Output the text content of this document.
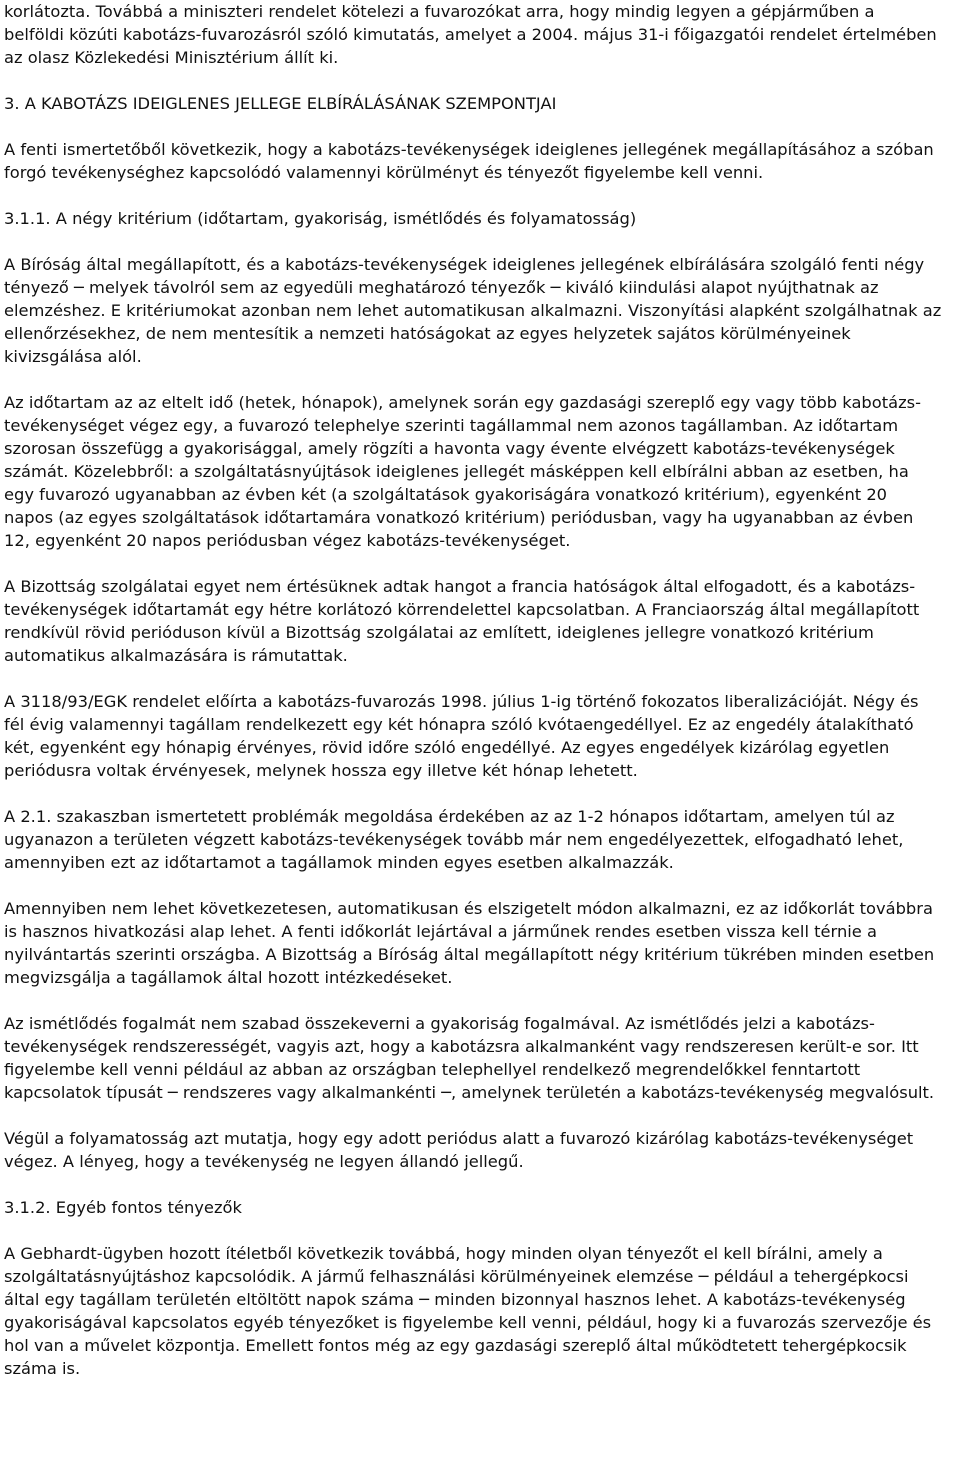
korlátozta. Továbbá a miniszteri rendelet kötelezi a fuvarozókat arra, hogy mindig legyen a gépjárműben a
belföldi közúti kabotázs-fuvarozásról szóló kimutatás, amelyet a 2004. május 31-i főigazgatói rendelet értelmében
az olasz Közlekedési Minisztérium állít ki.

3. A KABOTÁZS IDEIGLENES JELLEGE ELBÍRÁLÁSÁNAK SZEMPONTJAI

A fenti ismertetőből következik, hogy a kabotázs-tevékenységek ideiglenes jellegének megállapításához a szóban
forgó tevékenységhez kapcsolódó valamennyi körülményt és tényezőt figyelembe kell venni.

3.1.1. A négy kritérium (időtartam, gyakoriság, ismétlődés és folyamatosság)

A Bíróság által megállapított, és a kabotázs-tevékenységek ideiglenes jellegének elbírálására szolgáló fenti négy
tényező ─ melyek távolról sem az egyedüli meghatározó tényezők ─ kiváló kiindulási alapot nyújthatnak az
elemzéshez. E kritériumokat azonban nem lehet automatikusan alkalmazni. Viszonyítási alapként szolgálhatnak az
ellenőrzésekhez, de nem mentesítik a nemzeti hatóságokat az egyes helyzetek sajátos körülményeinek
kivizsgálása alól.

Az időtartam az az eltelt idő (hetek, hónapok), amelynek során egy gazdasági szereplő egy vagy több kabotázs-
tevékenységet végez egy, a fuvarozó telephelye szerinti tagállammal nem azonos tagállamban. Az időtartam
szorosan összefügg a gyakorisággal, amely rögzíti a havonta vagy évente elvégzett kabotázs-tevékenységek
számát. Közelebbről: a szolgáltatásnyújtások ideiglenes jellegét másképpen kell elbírálni abban az esetben, ha
egy fuvarozó ugyanabban az évben két (a szolgáltatások gyakoriságára vonatkozó kritérium), egyenként 20
napos (az egyes szolgáltatások időtartamára vonatkozó kritérium) periódusban, vagy ha ugyanabban az évben
12, egyenként 20 napos periódusban végez kabotázs-tevékenységet.

A Bizottság szolgálatai egyet nem értésüknek adtak hangot a francia hatóságok által elfogadott, és a kabotázs-
tevékenységek időtartamát egy hétre korlátozó körrendelettel kapcsolatban. A Franciaország által megállapított
rendkívül rövid perióduson kívül a Bizottság szolgálatai az említett, ideiglenes jellegre vonatkozó kritérium
automatikus alkalmazására is rámutattak.

A 3118/93/EGK rendelet előírta a kabotázs-fuvarozás 1998. július 1-ig történő fokozatos liberalizációját. Négy és
fél évig valamennyi tagállam rendelkezett egy két hónapra szóló kvótaengedéllyel. Ez az engedély átalakítható
két, egyenként egy hónapig érvényes, rövid időre szóló engedéllyé. Az egyes engedélyek kizárólag egyetlen
periódusra voltak érvényesek, melynek hossza egy illetve két hónap lehetett.

A 2.1. szakaszban ismertetett problémák megoldása érdekében az az 1-2 hónapos időtartam, amelyen túl az
ugyanazon a területen végzett kabotázs-tevékenységek tovább már nem engedélyezettek, elfogadható lehet,
amennyiben ezt az időtartamot a tagállamok minden egyes esetben alkalmazzák.

Amennyiben nem lehet következetesen, automatikusan és elszigetelt módon alkalmazni, ez az időkorlát továbbra
is hasznos hivatkozási alap lehet. A fenti időkorlát lejártával a járműnek rendes esetben vissza kell térnie a
nyilvántartás szerinti országba. A Bizottság a Bíróság által megállapított négy kritérium tükrében minden esetben
megvizsgálja a tagállamok által hozott intézkedéseket.

Az ismétlődés fogalmát nem szabad összekeverni a gyakoriság fogalmával. Az ismétlődés jelzi a kabotázs-
tevékenységek rendszerességét, vagyis azt, hogy a kabotázsra alkalmanként vagy rendszeresen került-e sor. Itt
figyelembe kell venni például az abban az országban telephellyel rendelkező megrendelőkkel fenntartott
kapcsolatok típusát ─ rendszeres vagy alkalmankénti ─, amelynek területén a kabotázs-tevékenység megvalósult.

Végül a folyamatosság azt mutatja, hogy egy adott periódus alatt a fuvarozó kizárólag kabotázs-tevékenységet
végez. A lényeg, hogy a tevékenység ne legyen állandó jellegű.

3.1.2. Egyéb fontos tényezők

A Gebhardt-ügyben hozott ítéletből következik továbbá, hogy minden olyan tényezőt el kell bírálni, amely a
szolgáltatásnyújtáshoz kapcsolódik. A jármű felhasználási körülményeinek elemzése ─ például a tehergépkocsi
által egy tagállam területén eltöltött napok száma ─ minden bizonnyal hasznos lehet. A kabotázs-tevékenység
gyakoriságával kapcsolatos egyéb tényezőket is figyelembe kell venni, például, hogy ki a fuvarozás szervezője és
hol van a művelet központja. Emellett fontos még az egy gazdasági szereplő által működtetett tehergépkocsik
száma is.
